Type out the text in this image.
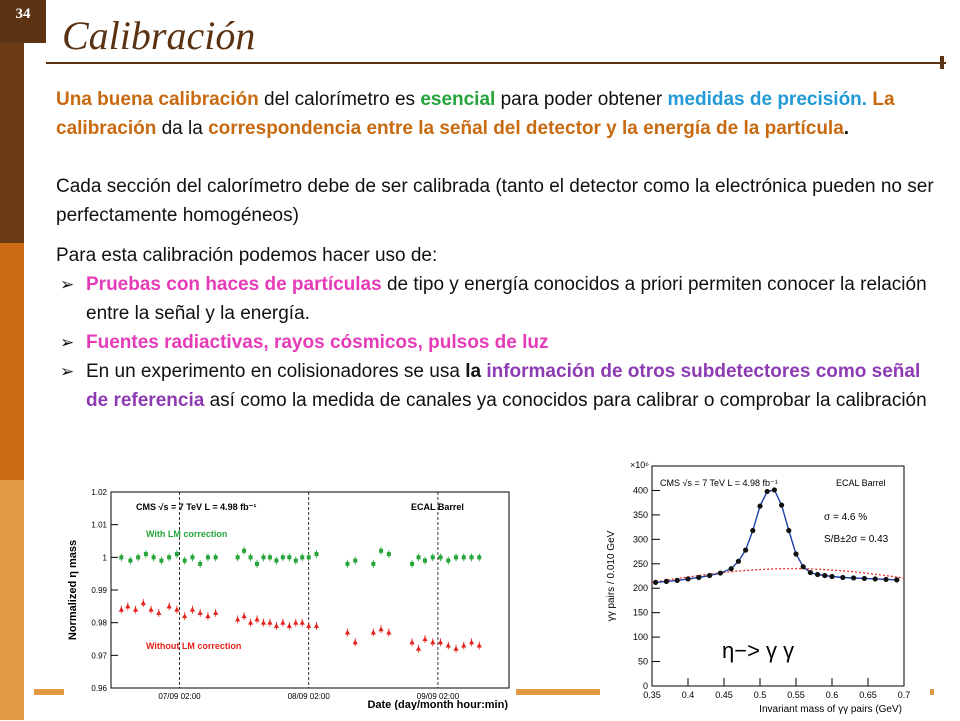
34 Calibración

Una buena calibración del calorímetro es esencial para poder obtener medidas de precisión. La calibración da la correspondencia entre la señal del detector y la energía de la partícula.

Cada sección del calorímetro debe de ser calibrada (tanto el detector como la electrónica pueden no ser perfectamente homogéneos)

Para esta calibración podemos hacer uso de:

➢ Pruebas con haces de partículas de tipo y energía conocidos a priori permiten conocer la relación entre la señal y la energía.
➢ Fuentes radiactivas, rayos cósmicos, pulsos de luz
➢ En un experimento en colisionadores se usa la información de otros subdetectores como señal de referencia así como la medida de canales ya conocidos para calibrar o comprobar la calibración
0.96
0.97
0.98
0.99
1
1.01
1.02
07/09 02:00	08/09 02:00	09/09 02:00
CMS √s = 7 TeV L = 4.98 fb⁻¹	ECAL Barrel
With LM correction
Without LM correction
Normalized η mass
Date (day/month hour:min)
0
50
100
150
200
250
300
350
400
0.35 0.4 0.45 0.5 0.55 0.6 0.65 0.7
×10⁶
CMS √s = 7 TeV L = 4.98 fb⁻¹	ECAL Barrel
σ = 4.6 %
S/B±2σ = 0.43
η−> γ γ
γγ pairs / 0.010 GeV
Invariant mass of γγ pairs (GeV)
